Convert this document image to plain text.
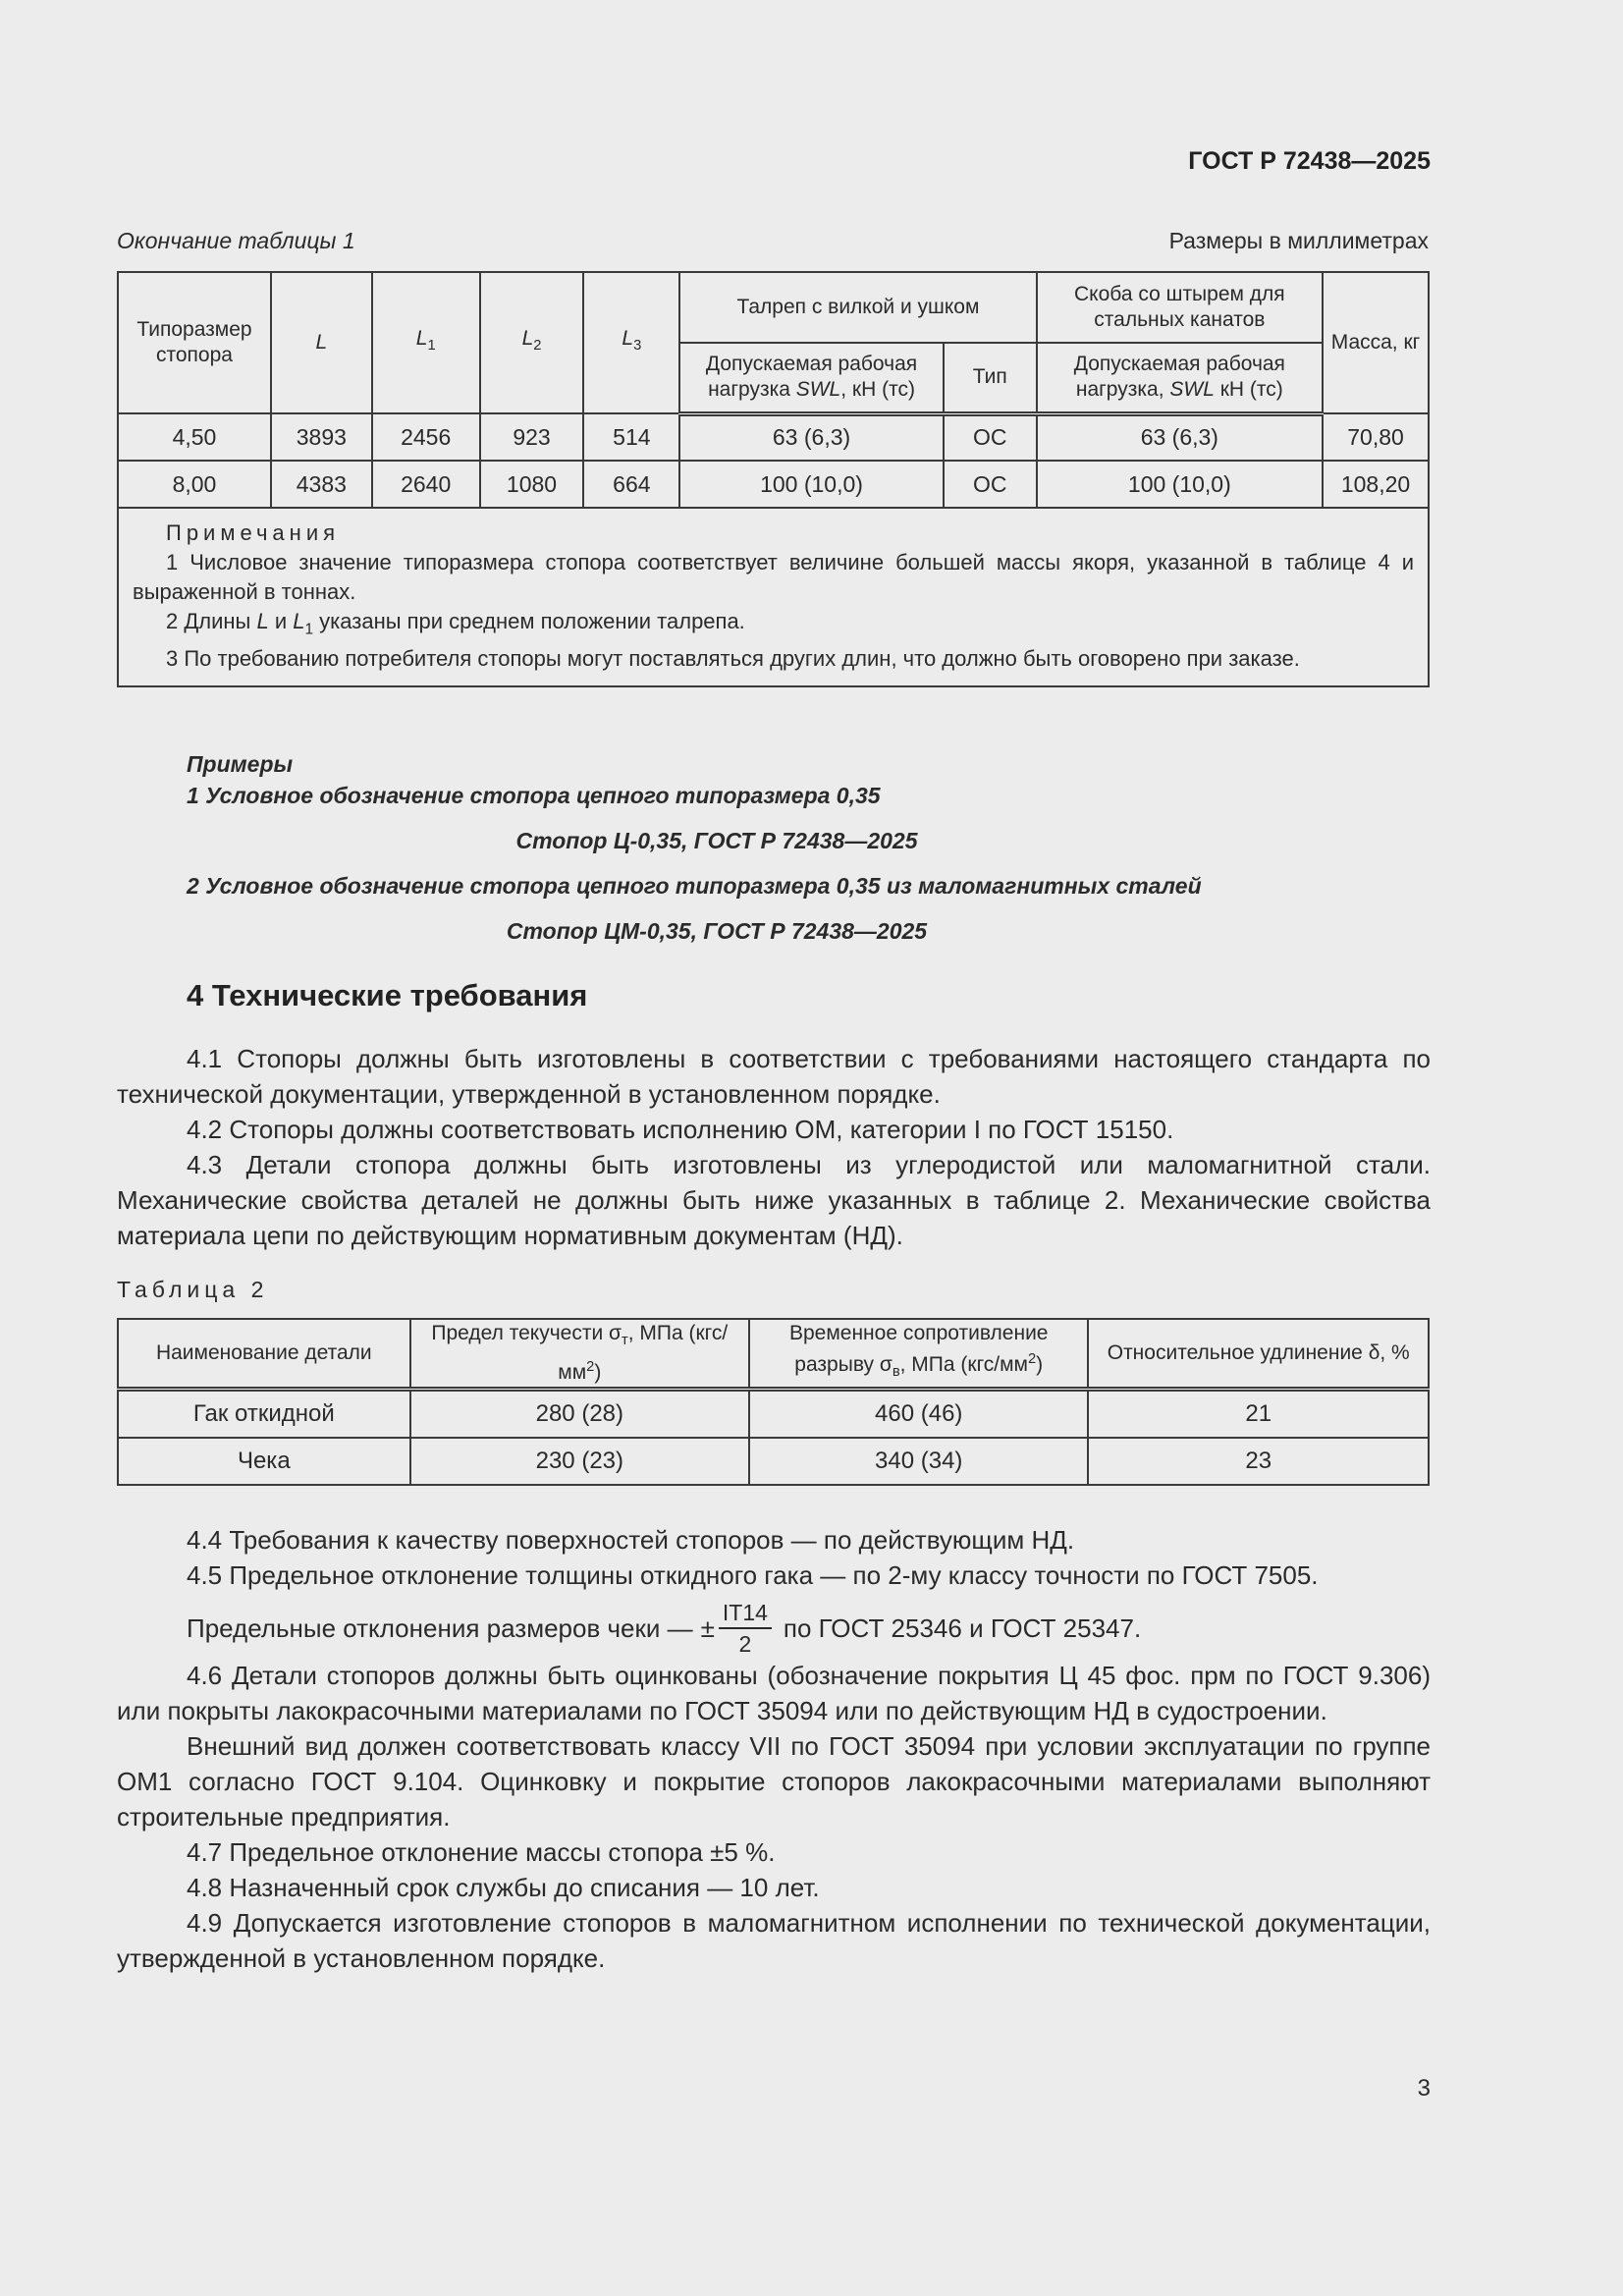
ГОСТ Р 72438—2025
Окончание таблицы 1	Размеры в миллиметрах
Типоразмер стопора	L	$L_1$	$L_2$	$L_3$	Талреп с вилкой и ушком		Скоба со штырем для стальных канатов	Масса, кг
					Допускаемая рабочая нагрузка SWL, кН (тс)	Тип	Допускаемая рабочая нагрузка, SWL кН (тс)	
4,50	3893	2456	923	514	63 (6,3)	ОС	63 (6,3)	70,80
8,00	4383	2640	1080	664	100 (10,0)	ОС	100 (10,0)	108,20

Примечания
1 Числовое значение типоразмера стопора соответствует величине большей массы якоря, указанной в таблице 4 и выраженной в тоннах.
2 Длины L и $L_1$ указаны при среднем положении талрепа.
3 По требованию потребителя стопоры могут поставляться других длин, что должно быть оговорено при заказе.								
Примеры
1 Условное обозначение стопора цепного типоразмера 0,35
Стопор Ц-0,35, ГОСТ Р 72438—2025
2 Условное обозначение стопора цепного типоразмера 0,35 из маломагнитных сталей
Стопор ЦМ-0,35, ГОСТ Р 72438—2025
4 Технические требования
4.1 Стопоры должны быть изготовлены в соответствии с требованиями настоящего стандарта по технической документации, утвержденной в установленном порядке.
4.2 Стопоры должны соответствовать исполнению ОМ, категории I по ГОСТ 15150.
4.3 Детали стопора должны быть изготовлены из углеродистой или маломагнитной стали. Механические свойства деталей не должны быть ниже указанных в таблице 2. Механические свойства материала цепи по действующим нормативным документам (НД).
Таблица 2
Наименование детали	Предел текучести $\sigma_т$, МПа $(кгс/мм^2)$	Временное сопротивление разрыву $\sigma_в$, МПа $(кгс/мм^2)$	Относительное удлинение δ, %
Гак откидной	280 (28)	460 (46)	21
Чека	230 (23)	340 (34)	23
4.4 Требования к качеству поверхностей стопоров — по действующим НД.
4.5 Предельное отклонение толщины откидного гака — по 2-му классу точности по ГОСТ 7505.
Предельные отклонения размеров чеки — ± $\frac{IT14}{2}$ по ГОСТ 25346 и ГОСТ 25347.
4.6 Детали стопоров должны быть оцинкованы (обозначение покрытия Ц 45 фос. прм по ГОСТ 9.306) или покрыты лакокрасочными материалами по ГОСТ 35094 или по действующим НД в судостроении.
Внешний вид должен соответствовать классу VII по ГОСТ 35094 при условии эксплуатации по группе ОМ1 согласно ГОСТ 9.104. Оцинковку и покрытие стопоров лакокрасочными материалами выполняют строительные предприятия.
4.7 Предельное отклонение массы стопора ±5 %.
4.8 Назначенный срок службы до списания — 10 лет.
4.9 Допускается изготовление стопоров в маломагнитном исполнении по технической документации, утвержденной в установленном порядке.
3
